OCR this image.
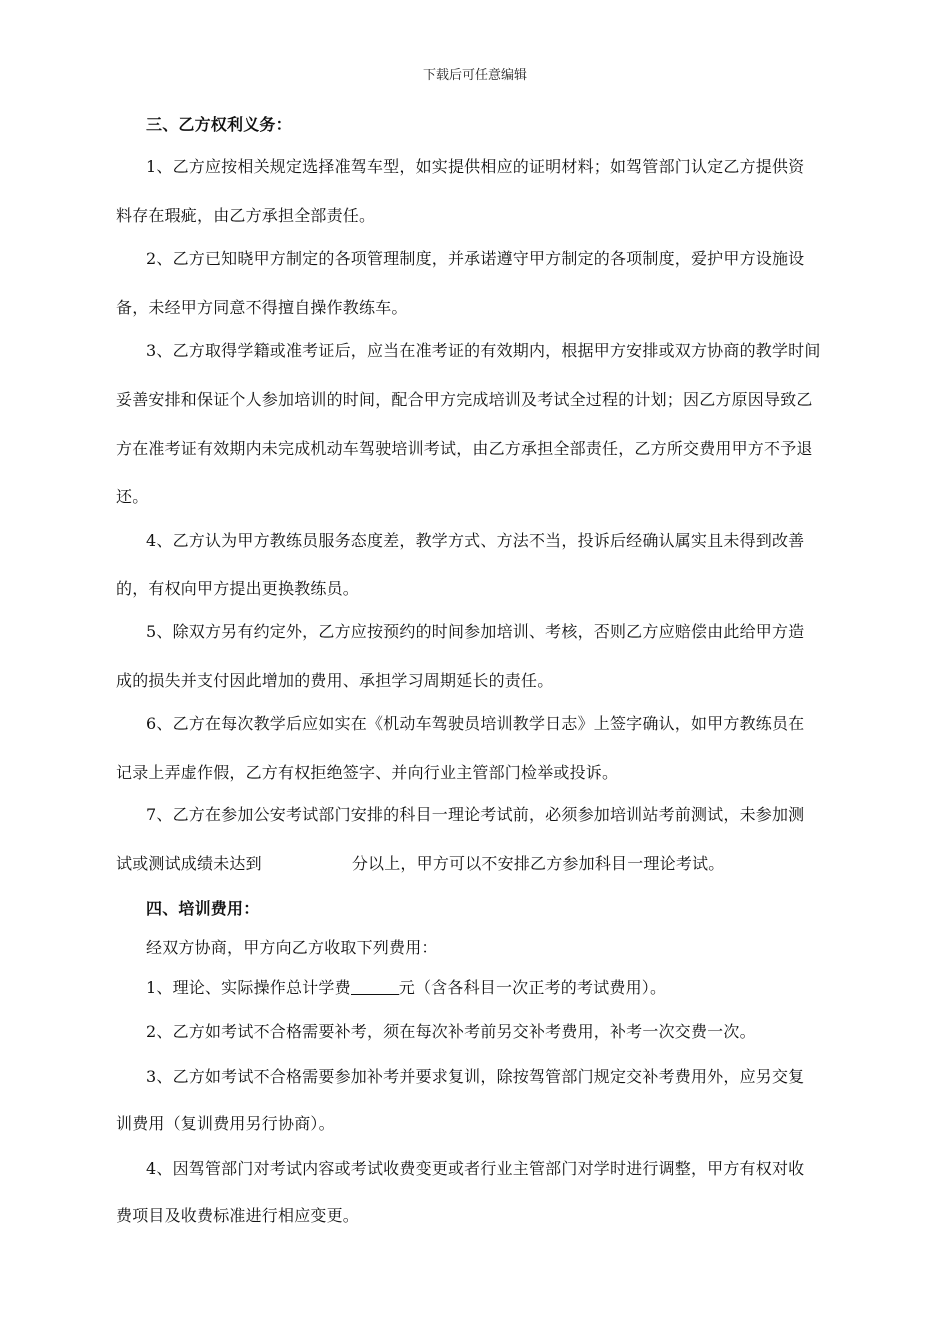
下载后可任意编辑
三、乙方权利义务：
1、乙方应按相关规定选择准驾车型，如实提供相应的证明材料；如驾管部门认定乙方提供资
料存在瑕疵，由乙方承担全部责任。
2、乙方已知晓甲方制定的各项管理制度，并承诺遵守甲方制定的各项制度，爱护甲方设施设
备，未经甲方同意不得擅自操作教练车。
3、乙方取得学籍或准考证后，应当在准考证的有效期内，根据甲方安排或双方协商的教学时间
妥善安排和保证个人参加培训的时间，配合甲方完成培训及考试全过程的计划；因乙方原因导致乙
方在准考证有效期内未完成机动车驾驶培训考试，由乙方承担全部责任，乙方所交费用甲方不予退
还。
4、乙方认为甲方教练员服务态度差，教学方式、方法不当，投诉后经确认属实且未得到改善
的，有权向甲方提出更换教练员。
5、除双方另有约定外，乙方应按预约的时间参加培训、考核，否则乙方应赔偿由此给甲方造
成的损失并支付因此增加的费用、承担学习周期延长的责任。
6、乙方在每次教学后应如实在《机动车驾驶员培训教学日志》上签字确认，如甲方教练员在
记录上弄虚作假，乙方有权拒绝签字、并向行业主管部门检举或投诉。
7、乙方在参加公安考试部门安排的科目一理论考试前，必须参加培训站考前测试，未参加测
试或测试成绩未达到	分以上，甲方可以不安排乙方参加科目一理论考试。
四、培训费用：
经双方协商，甲方向乙方收取下列费用：
1、理论、实际操作总计学费	元（含各科目一次正考的考试费用）。
2、乙方如考试不合格需要补考，须在每次补考前另交补考费用，补考一次交费一次。
3、乙方如考试不合格需要参加补考并要求复训，除按驾管部门规定交补考费用外，应另交复
训费用（复训费用另行协商）。
4、因驾管部门对考试内容或考试收费变更或者行业主管部门对学时进行调整，甲方有权对收
费项目及收费标准进行相应变更。
